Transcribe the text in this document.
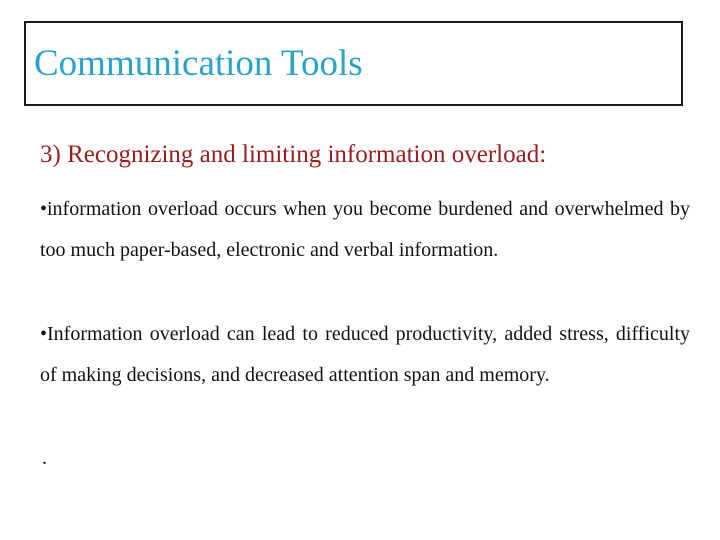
Communication Tools
3) Recognizing and limiting information overload:

•information overload occurs when you become burdened and overwhelmed by too much paper-based, electronic and verbal information.

•Information overload can lead to reduced productivity, added stress, difficulty of making decisions, and decreased attention span and memory.

.
